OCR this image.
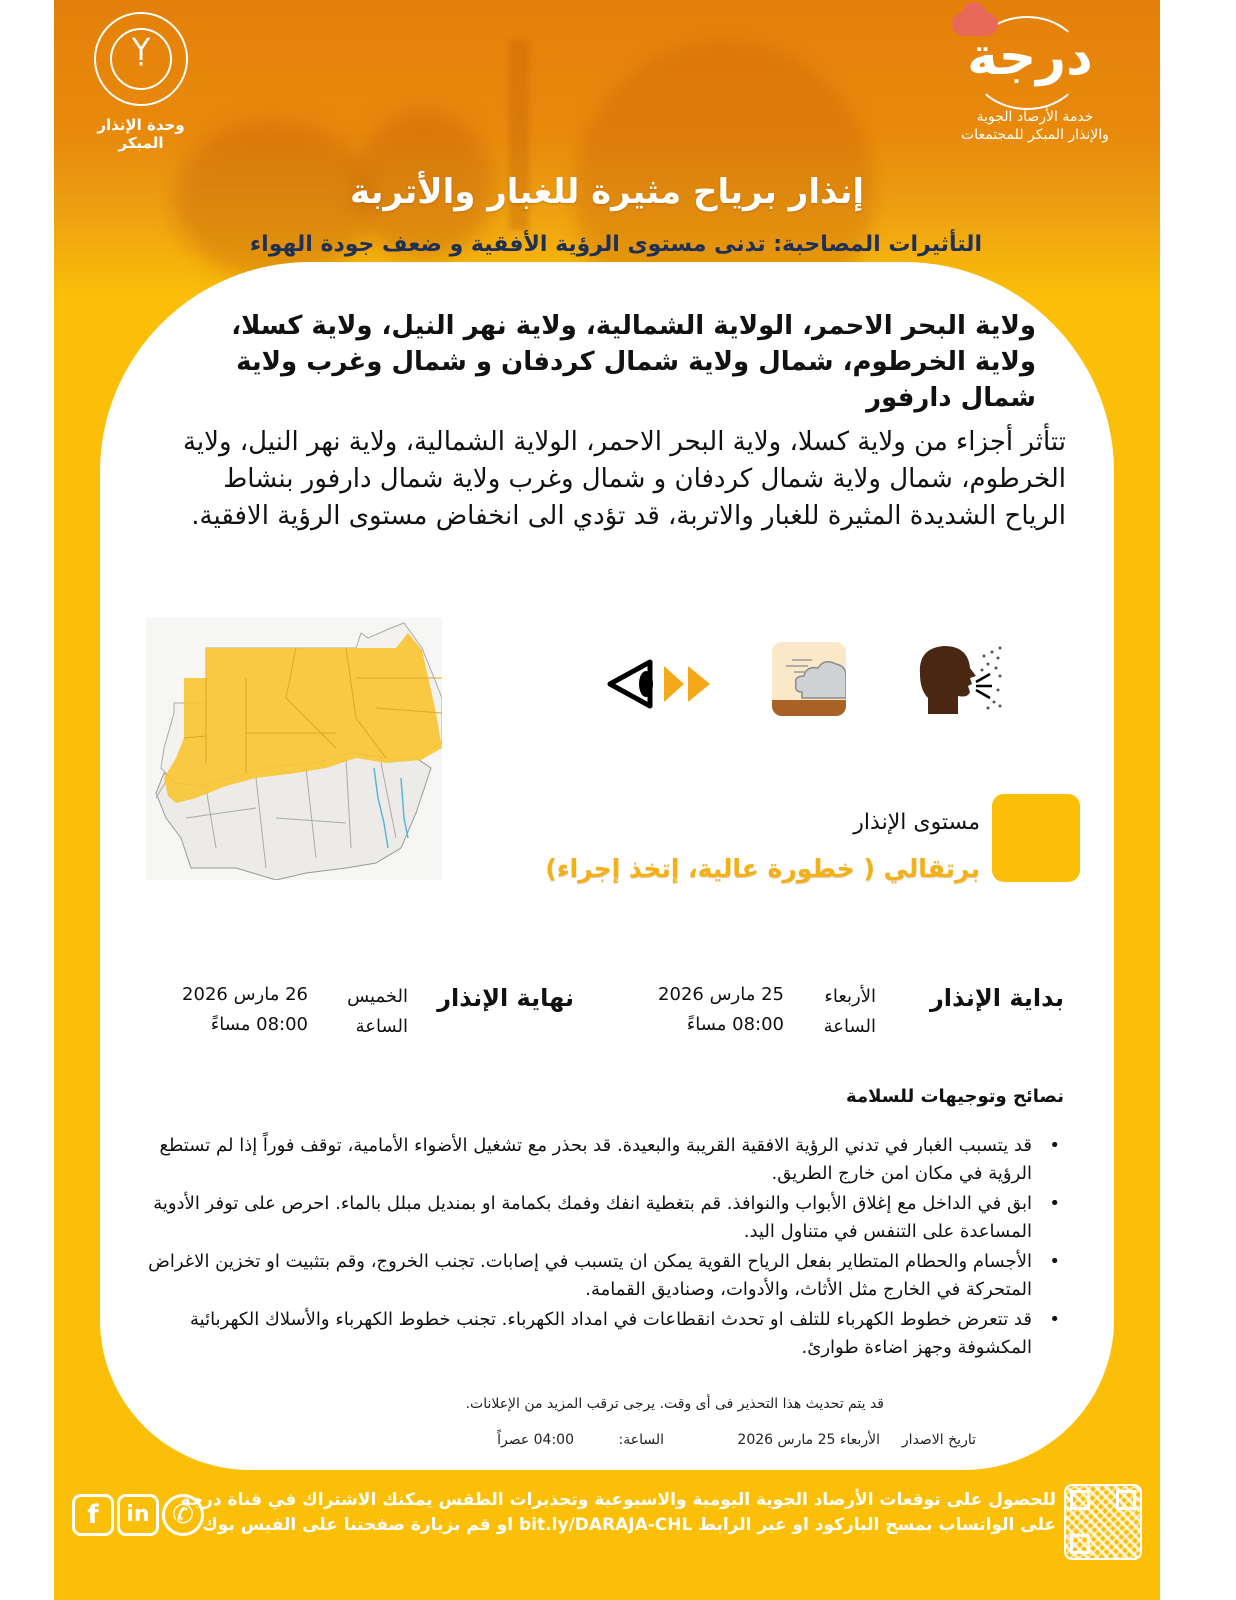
Ỵ
وحدة الإنذار المبكر
درجة
خدمة الأرصاد الجوية
والإنذار المبكر للمجتمعات
إنذار برياح مثيرة للغبار والأتربة
التأثيرات المصاحبة: تدنى مستوى الرؤية الأفقية و ضعف جودة الهواء
ولاية البحر الاحمر، الولاية الشمالية، ولاية نهر النيل، ولاية كسلا، ولاية الخرطوم، شمال ولاية شمال كردفان و شمال وغرب ولاية شمال دارفور
تتأثر أجزاء من ولاية كسلا، ولاية البحر الاحمر، الولاية الشمالية، ولاية نهر النيل، ولاية الخرطوم، شمال ولاية شمال كردفان و شمال وغرب ولاية شمال دارفور بنشاط الرياح الشديدة المثيرة للغبار والاتربة، قد تؤدي الى انخفاض مستوى الرؤية الافقية.
مستوى الإنذار
برتقالي ( خطورة عالية، إتخذ إجراء)
بداية الإنذار
الأربعاء
25 مارس 2026
الساعة
08:00 مساءً
نهاية الإنذار
الخميس
26 مارس 2026
الساعة
08:00 مساءً
نصائح وتوجيهات للسلامة
• قد يتسبب الغبار في تدني الرؤية الافقية القريبة والبعيدة. قد بحذر مع تشغيل الأضواء الأمامية، توقف فوراً إذا لم تستطع الرؤية في مكان امن خارج الطريق.
• ابق في الداخل مع إغلاق الأبواب والنوافذ. قم بتغطية انفك وفمك بكمامة او بمنديل مبلل بالماء. احرص على توفر الأدوية المساعدة على التنفس في متناول اليد.
• الأجسام والحطام المتطاير بفعل الرياح القوية يمكن ان يتسبب في إصابات. تجنب الخروج، وقم بتثبيت او تخزين الاغراض المتحركة في الخارج مثل الأثاث، والأدوات، وصناديق القمامة.
• قد تتعرض خطوط الكهرباء للتلف او تحدث انقطاعات في امداد الكهرباء. تجنب خطوط الكهرباء والأسلاك الكهربائية المكشوفة وجهز اضاءة طوارئ.
قد يتم تحديث هذا التحذير فى أى وقت. يرجى ترقب المزيد من الإعلانات.
تاريخ الاصدار
الأربعاء 25 مارس 2026
الساعة:
04:00 عصراً
للحصول على توقعات الأرصاد الجوية اليومية والاسبوعية وتحذيرات الطقس يمكنك الاشتراك في قناة درجة
على الواتساب بمسح الباركود او عبر الرابط bit.ly/DARAJA-CHL او قم بزيارة صفحتنا على الفيس بوك
f in ✆
